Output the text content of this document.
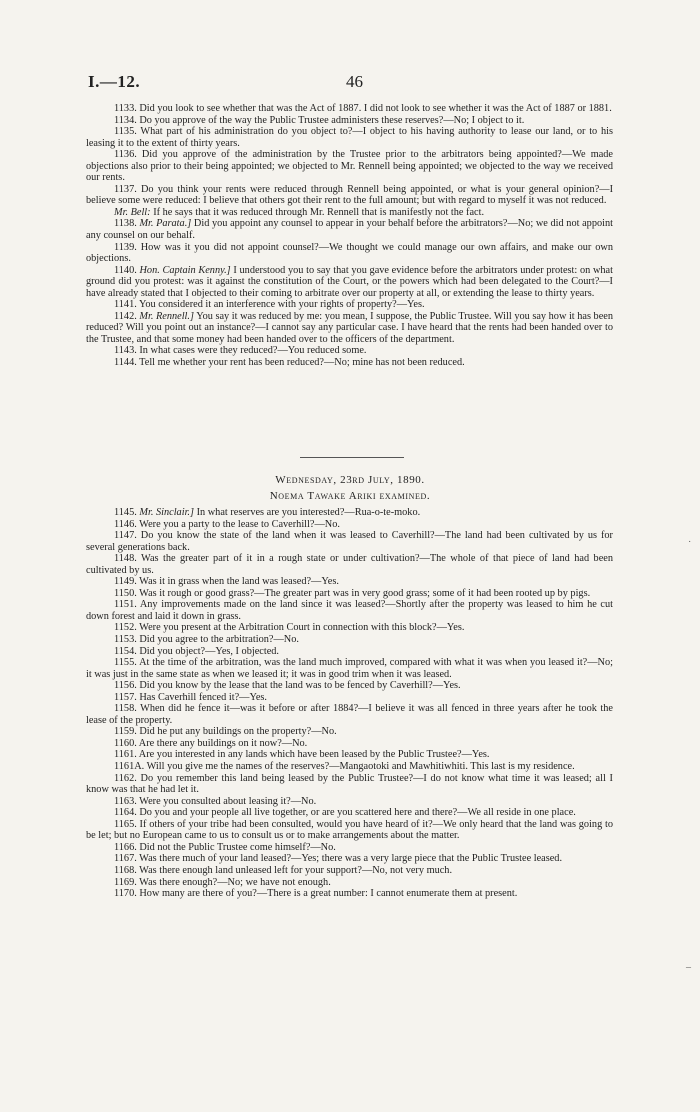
I.—12.	46

1133. Did you look to see whether that was the Act of 1887. I did not look to see whether it was the Act of 1887 or 1881.

1134. Do you approve of the way the Public Trustee administers these reserves?—No; I object to it.

1135. What part of his administration do you object to?—I object to his having authority to lease our land, or to his leasing it to the extent of thirty years.

1136. Did you approve of the administration by the Trustee prior to the arbitrators being appointed?—We made objections also prior to their being appointed; we objected to Mr. Rennell being appointed; we objected to the way we received our rents.

1137. Do you think your rents were reduced through Rennell being appointed, or what is your general opinion?—I believe some were reduced: I believe that others got their rent to the full amount; but with regard to myself it was not reduced.

Mr. Bell: If he says that it was reduced through Mr. Rennell that is manifestly not the fact.

1138. Mr. Parata.] Did you appoint any counsel to appear in your behalf before the arbitrators?—No; we did not appoint any counsel on our behalf.

1139. How was it you did not appoint counsel?—We thought we could manage our own affairs, and make our own objections.

1140. Hon. Captain Kenny.] I understood you to say that you gave evidence before the arbitrators under protest: on what ground did you protest: was it against the constitution of the Court, or the powers which had been delegated to the Court?—I have already stated that I objected to their coming to arbitrate over our property at all, or extending the lease to thirty years.

1141. You considered it an interference with your rights of property?—Yes.

1142. Mr. Rennell.] You say it was reduced by me: you mean, I suppose, the Public Trustee. Will you say how it has been reduced? Will you point out an instance?—I cannot say any particular case. I have heard that the rents had been handed over to the Trustee, and that some money had been handed over to the officers of the department.

1143. In what cases were they reduced?—You reduced some.

1144. Tell me whether your rent has been reduced?—No; mine has not been reduced.

Wednesday, 23rd July, 1890.
Noema Tawake Ariki examined.

1145. Mr. Sinclair.] In what reserves are you interested?—Rua-o-te-moko.

1146. Were you a party to the lease to Caverhill?—No.

1147. Do you know the state of the land when it was leased to Caverhill?—The land had been cultivated by us for several generations back.

1148. Was the greater part of it in a rough state or under cultivation?—The whole of that piece of land had been cultivated by us.

1149. Was it in grass when the land was leased?—Yes.

1150. Was it rough or good grass?—The greater part was in very good grass; some of it had been rooted up by pigs.

1151. Any improvements made on the land since it was leased?—Shortly after the property was leased to him he cut down forest and laid it down in grass.

1152. Were you present at the Arbitration Court in connection with this block?—Yes.

1153. Did you agree to the arbitration?—No.

1154. Did you object?—Yes, I objected.

1155. At the time of the arbitration, was the land much improved, compared with what it was when you leased it?—No; it was just in the same state as when we leased it; it was in good trim when it was leased.

1156. Did you know by the lease that the land was to be fenced by Caverhill?—Yes.

1157. Has Caverhill fenced it?—Yes.

1158. When did he fence it—was it before or after 1884?—I believe it was all fenced in three years after he took the lease of the property.

1159. Did he put any buildings on the property?—No.

1160. Are there any buildings on it now?—No.

1161. Are you interested in any lands which have been leased by the Public Trustee?—Yes.

1161A. Will you give me the names of the reserves?—Mangaotoki and Mawhitiwhiti. This last is my residence.

1162. Do you remember this land being leased by the Public Trustee?—I do not know what time it was leased; all I know was that he had let it.

1163. Were you consulted about leasing it?—No.

1164. Do you and your people all live together, or are you scattered here and there?—We all reside in one place.

1165. If others of your tribe had been consulted, would you have heard of it?—We only heard that the land was going to be let; but no European came to us to consult us or to make arrangements about the matter.

1166. Did not the Public Trustee come himself?—No.

1167. Was there much of your land leased?—Yes; there was a very large piece that the Public Trustee leased.

1168. Was there enough land unleased left for your support?—No, not very much.

1169. Was there enough?—No; we have not enough.

1170. How many are there of you?—There is a great number: I cannot enumerate them at present.

˙
–
